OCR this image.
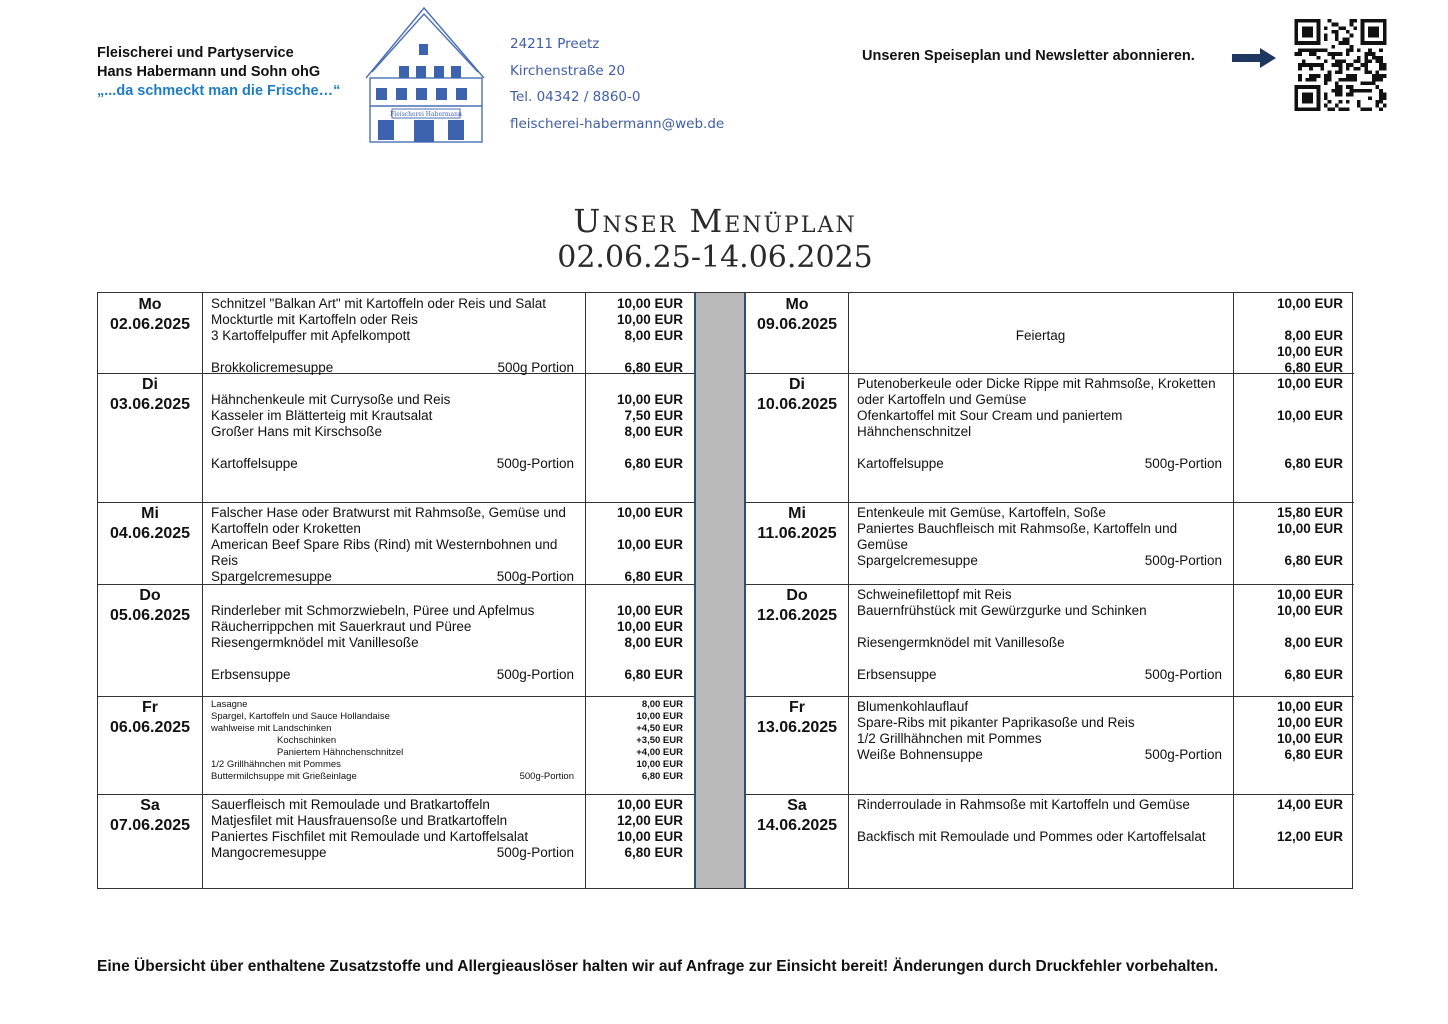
Fleischerei und Partyservice
Hans Habermann und Sohn ohG
„...da schmeckt man die Frische…“
Fleischerei Habermann
24211 Preetz
Kirchenstraße 20
Tel. 04342 / 8860-0
fleischerei-habermann@web.de
Unseren Speiseplan und Newsletter abonnieren.
Unser Menüplan
02.06.25-14.06.2025
Mo
02.06.2025
Schnitzel "Balkan Art" mit Kartoffeln oder Reis und Salat	10,00 EUR
Mockturtle mit Kartoffeln oder Reis	10,00 EUR
3 Kartoffelpuffer mit Apfelkompott	8,00 EUR
Brokkolicremesuppe	500g Portion	6,80 EUR
Di
03.06.2025	Hähnchenkeule mit Currysoße und Reis	10,00 EUR
Kasseler im Blätterteig mit Krautsalat	7,50 EUR
Großer Hans mit Kirschsoße	8,00 EUR
Kartoffelsuppe	500g-Portion	6,80 EUR
Mi
04.06.2025
Falscher Hase oder Bratwurst mit Rahmsoße, Gemüse und	10,00 EUR
Kartoffeln oder Kroketten
American Beef Spare Ribs (Rind) mit Westernbohnen und	10,00 EUR
Reis
Spargelcremesuppe	500g-Portion	6,80 EUR
Do
05.06.2025	Rinderleber mit Schmorzwiebeln, Püree und Apfelmus	10,00 EUR
Räucherrippchen mit Sauerkraut und Püree	10,00 EUR
Riesengermknödel mit Vanillesoße	8,00 EUR
Erbsensuppe	500g-Portion	6,80 EUR
Fr
06.06.2025
Lasagne	8,00 EUR
Spargel, Kartoffeln und Sauce Hollandaise	10,00 EUR
wahlweise mit Landschinken	+4,50 EUR
Kochschinken	+3,50 EUR
Paniertem Hähnchenschnitzel	+4,00 EUR
1/2 Grillhähnchen mit Pommes	10,00 EUR
Buttermilchsuppe mit Grießeinlage	500g-Portion	6,80 EUR
Sa
07.06.2025
Sauerfleisch mit Remoulade und Bratkartoffeln	10,00 EUR
Matjesfilet mit Hausfrauensoße und Bratkartoffeln	12,00 EUR
Paniertes Fischfilet mit Remoulade und Kartoffelsalat	10,00 EUR
Mangocremesuppe	500g-Portion	6,80 EUR
Mo
09.06.2025
10,00 EUR
Feiertag	8,00 EUR
10,00 EUR
6,80 EUR
Di
10.06.2025
Putenoberkeule oder Dicke Rippe mit Rahmsoße, Kroketten	10,00 EUR
oder Kartoffeln und Gemüse
Ofenkartoffel mit Sour Cream und paniertem	10,00 EUR
Hähnchenschnitzel
Kartoffelsuppe	500g-Portion	6,80 EUR
Mi
11.06.2025
Entenkeule mit Gemüse, Kartoffeln, Soße	15,80 EUR
Paniertes Bauchfleisch mit Rahmsoße, Kartoffeln und	10,00 EUR
Gemüse
Spargelcremesuppe	500g-Portion	6,80 EUR
Do
12.06.2025
Schweinefilettopf mit Reis	10,00 EUR
Bauernfrühstück mit Gewürzgurke und Schinken	10,00 EUR
Riesengermknödel mit Vanillesoße	8,00 EUR
Erbsensuppe	500g-Portion	6,80 EUR
Fr
13.06.2025
Blumenkohlauflauf	10,00 EUR
Spare-Ribs mit pikanter Paprikasoße und Reis	10,00 EUR
1/2 Grillhähnchen mit Pommes	10,00 EUR
Weiße Bohnensuppe	500g-Portion	6,80 EUR
Sa
14.06.2025
Rinderroulade in Rahmsoße mit Kartoffeln und Gemüse	14,00 EUR
Backfisch mit Remoulade und Pommes oder Kartoffelsalat	12,00 EUR
Eine Übersicht über enthaltene Zusatzstoffe und Allergieauslöser halten wir auf Anfrage zur Einsicht bereit! Änderungen durch Druckfehler vorbehalten.
